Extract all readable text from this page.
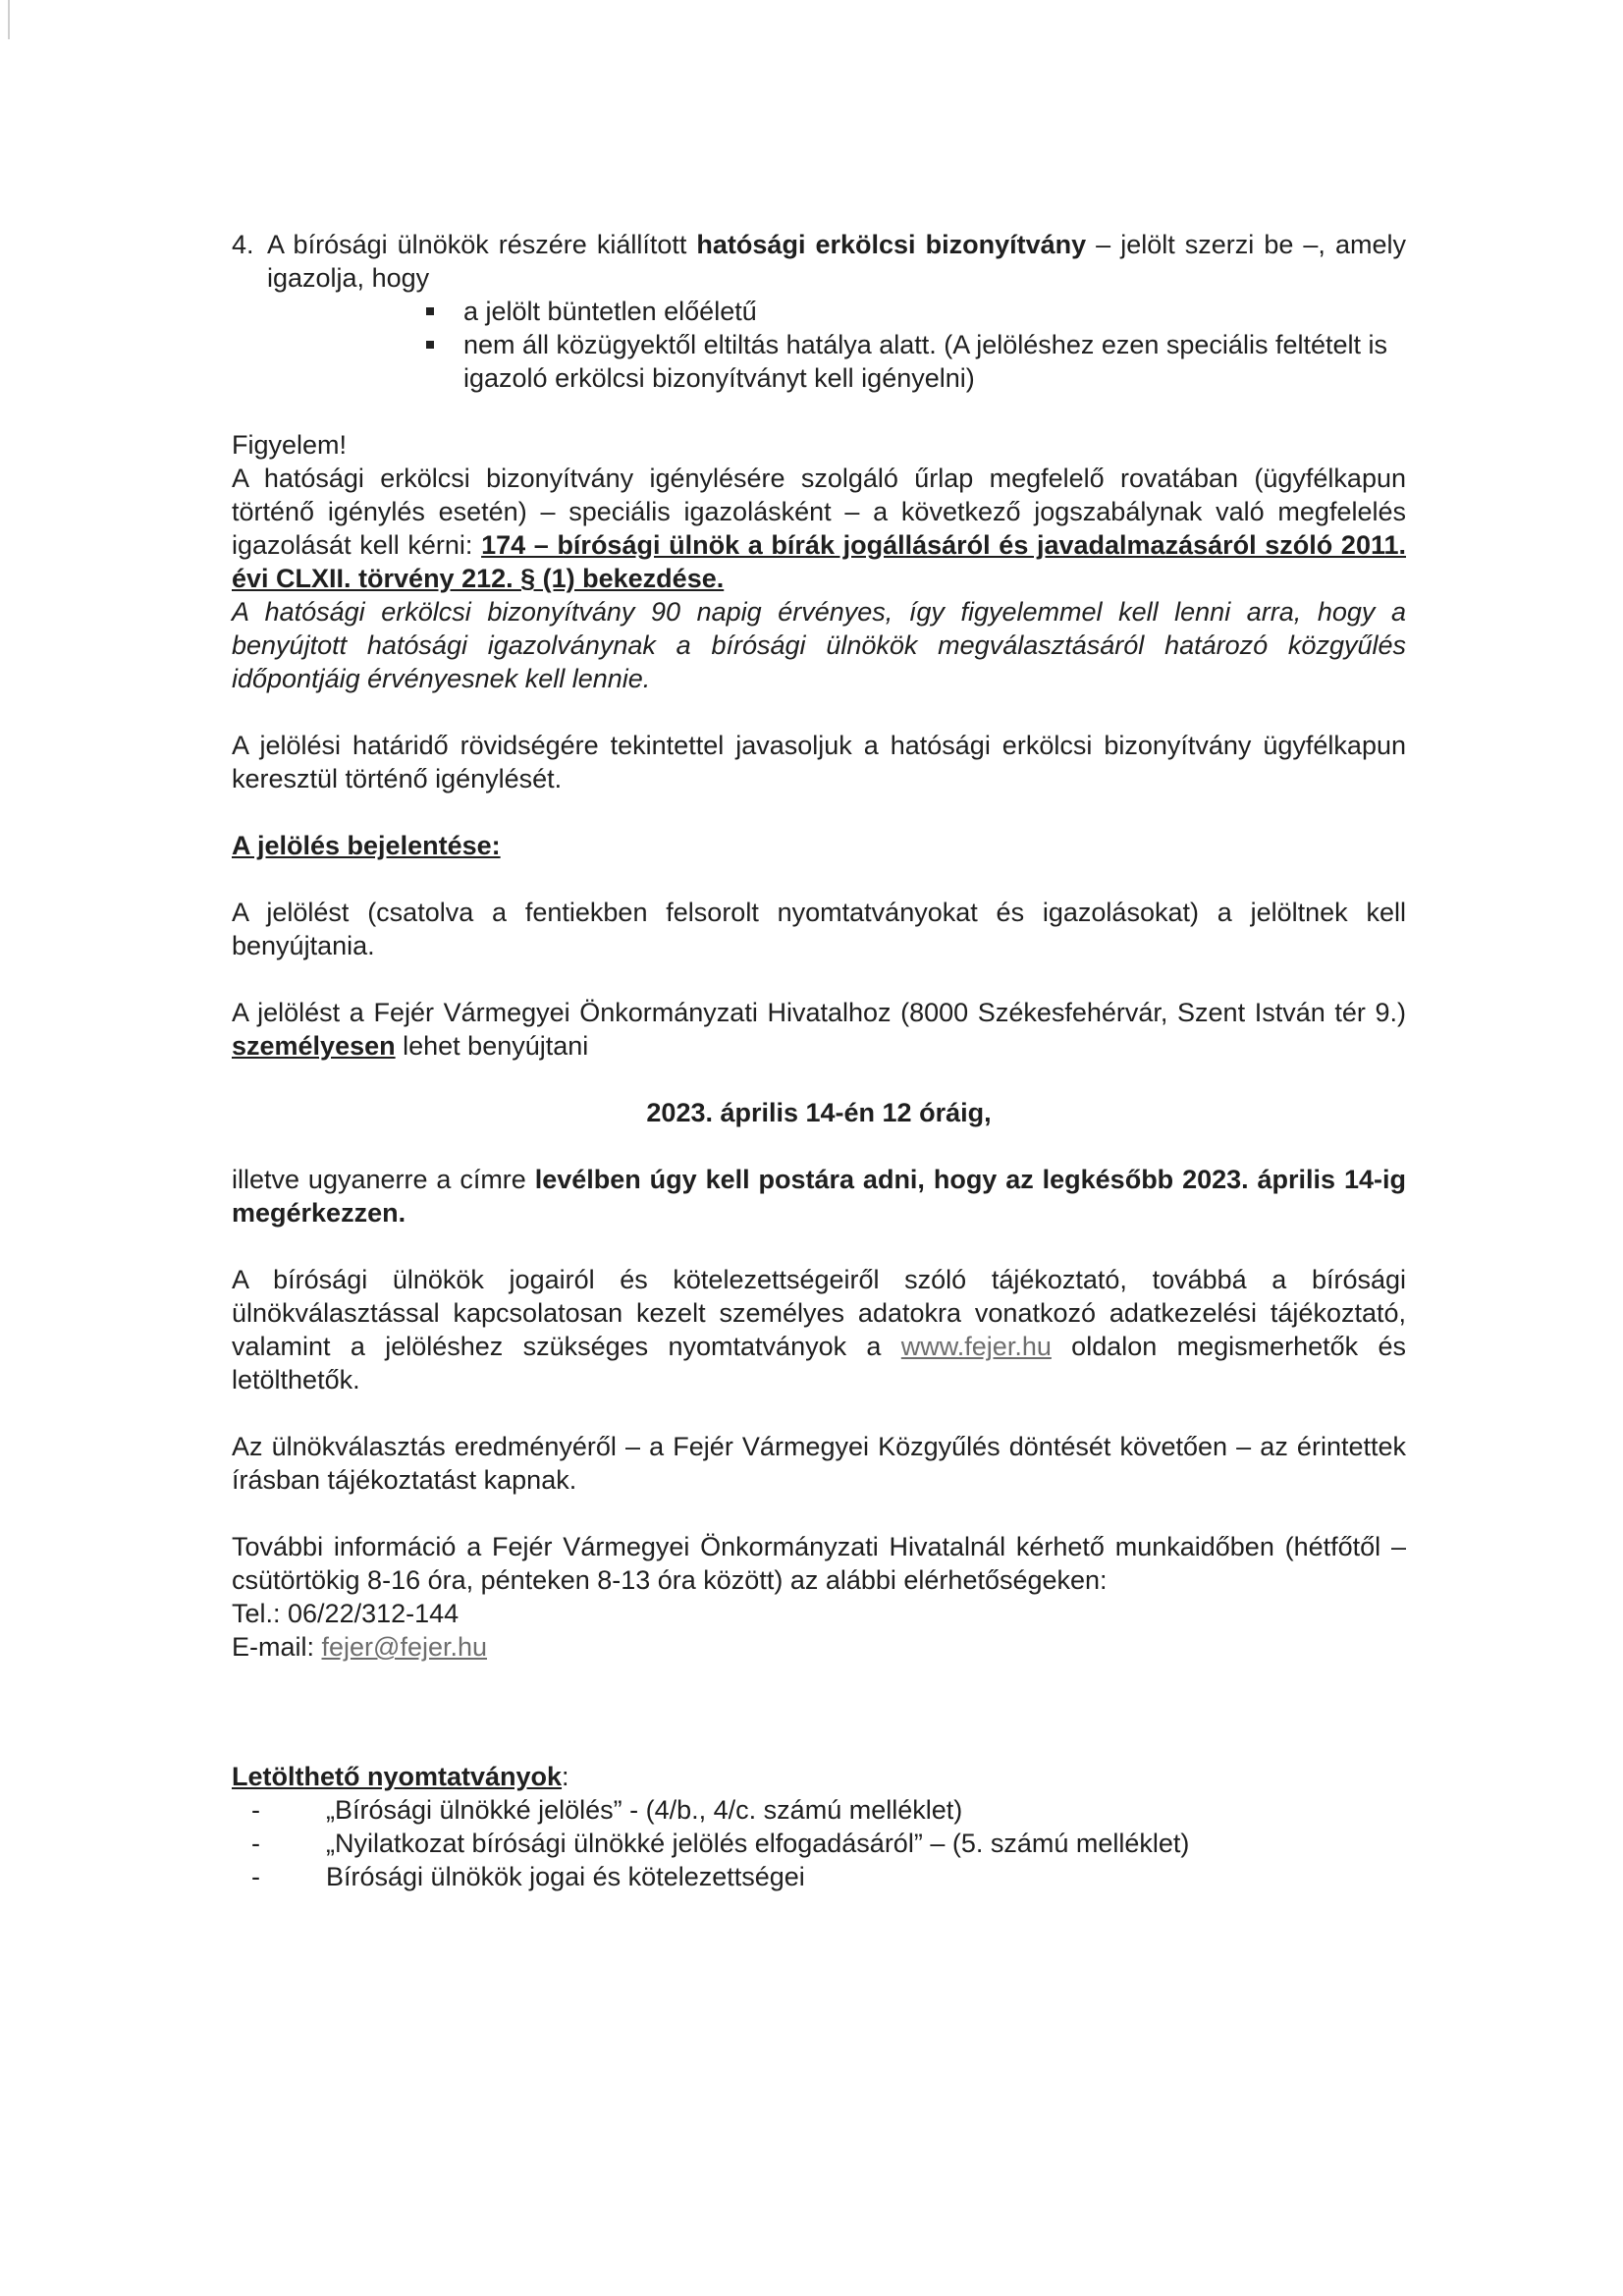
4. A bírósági ülnökök részére kiállított hatósági erkölcsi bizonyítvány – jelölt szerzi be –, amely igazolja, hogy

a jelölt büntetlen előéletű
nem áll közügyektől eltiltás hatálya alatt. (A jelöléshez ezen speciális feltételt is igazoló erkölcsi bizonyítványt kell igényelni)

Figyelem!

A hatósági erkölcsi bizonyítvány igénylésére szolgáló űrlap megfelelő rovatában (ügyfélkapun történő igénylés esetén) – speciális igazolásként – a következő jogszabálynak való megfelelés igazolását kell kérni: 174 – bírósági ülnök a bírák jogállásáról és javadalmazásáról szóló 2011. évi CLXII. törvény 212. § (1) bekezdése.

A hatósági erkölcsi bizonyítvány 90 napig érvényes, így figyelemmel kell lenni arra, hogy a benyújtott hatósági igazolványnak a bírósági ülnökök megválasztásáról határozó közgyűlés időpontjáig érvényesnek kell lennie.

A jelölési határidő rövidségére tekintettel javasoljuk a hatósági erkölcsi bizonyítvány ügyfélkapun keresztül történő igénylését.

A jelölés bejelentése:

A jelölést (csatolva a fentiekben felsorolt nyomtatványokat és igazolásokat) a jelöltnek kell benyújtania.

A jelölést a Fejér Vármegyei Önkormányzati Hivatalhoz (8000 Székesfehérvár, Szent István tér 9.) személyesen lehet benyújtani

2023. április 14-én 12 óráig,

illetve ugyanerre a címre levélben úgy kell postára adni, hogy az legkésőbb 2023. április 14-ig megérkezzen.

A bírósági ülnökök jogairól és kötelezettségeiről szóló tájékoztató, továbbá a bírósági ülnökválasztással kapcsolatosan kezelt személyes adatokra vonatkozó adatkezelési tájékoztató, valamint a jelöléshez szükséges nyomtatványok a www.fejer.hu oldalon megismerhetők és letölthetők.

Az ülnökválasztás eredményéről – a Fejér Vármegyei Közgyűlés döntését követően – az érintettek írásban tájékoztatást kapnak.

További információ a Fejér Vármegyei Önkormányzati Hivatalnál kérhető munkaidőben (hétfőtől – csütörtökig 8-16 óra, pénteken 8-13 óra között) az alábbi elérhetőségeken:

Tel.: 06/22/312-144

E-mail: fejer@fejer.hu

Letölthető nyomtatványok:

- „Bírósági ülnökké jelölés” - (4/b., 4/c. számú melléklet)
- „Nyilatkozat bírósági ülnökké jelölés elfogadásáról” – (5. számú melléklet)
- Bírósági ülnökök jogai és kötelezettségei
